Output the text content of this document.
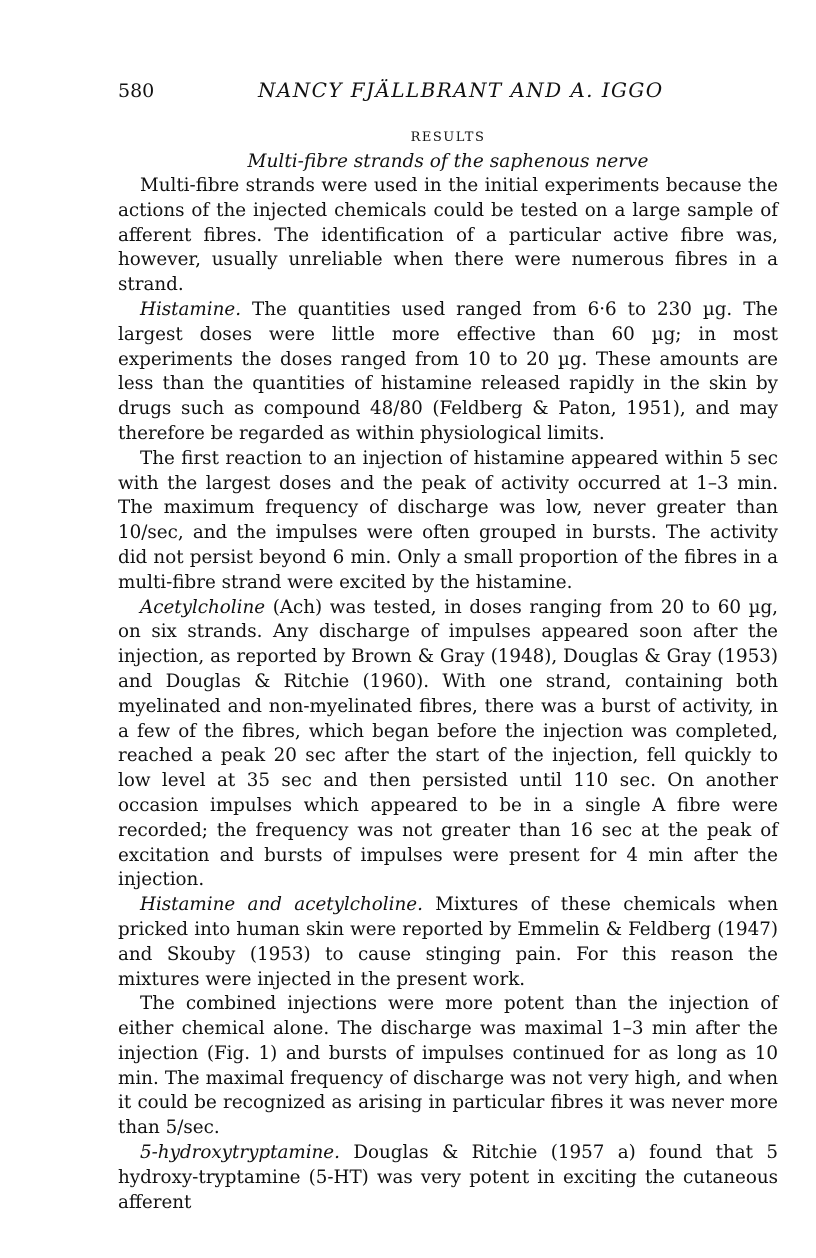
580	NANCY FJÄLLBRANT AND A. IGGO
RESULTS
Multi-fibre strands of the saphenous nerve

Multi-fibre strands were used in the initial experiments because the actions of the injected chemicals could be tested on a large sample of afferent fibres. The identification of a particular active fibre was, however, usually unreliable when there were numerous fibres in a strand.

Histamine. The quantities used ranged from 6·6 to 230 µg. The largest doses were little more effective than 60 µg; in most experiments the doses ranged from 10 to 20 µg. These amounts are less than the quantities of histamine released rapidly in the skin by drugs such as compound 48/80 (Feldberg & Paton, 1951), and may therefore be regarded as within physiological limits.

The first reaction to an injection of histamine appeared within 5 sec with the largest doses and the peak of activity occurred at 1–3 min. The maximum frequency of discharge was low, never greater than 10/sec, and the impulses were often grouped in bursts. The activity did not persist beyond 6 min. Only a small proportion of the fibres in a multi-fibre strand were excited by the histamine.

Acetylcholine (Ach) was tested, in doses ranging from 20 to 60 µg, on six strands. Any discharge of impulses appeared soon after the injection, as reported by Brown & Gray (1948), Douglas & Gray (1953) and Douglas & Ritchie (1960). With one strand, containing both myelinated and non-myelinated fibres, there was a burst of activity, in a few of the fibres, which began before the injection was completed, reached a peak 20 sec after the start of the injection, fell quickly to low level at 35 sec and then persisted until 110 sec. On another occasion impulses which appeared to be in a single A fibre were recorded; the frequency was not greater than 16 sec at the peak of excitation and bursts of impulses were present for 4 min after the injection.

Histamine and acetylcholine. Mixtures of these chemicals when pricked into human skin were reported by Emmelin & Feldberg (1947) and Skouby (1953) to cause stinging pain. For this reason the mixtures were injected in the present work.

The combined injections were more potent than the injection of either chemical alone. The discharge was maximal 1–3 min after the injection (Fig. 1) and bursts of impulses continued for as long as 10 min. The maximal frequency of discharge was not very high, and when it could be recognized as arising in particular fibres it was never more than 5/sec.

5-hydroxytryptamine. Douglas & Ritchie (1957 a) found that 5 hydroxy-tryptamine (5-HT) was very potent in exciting the cutaneous afferent
